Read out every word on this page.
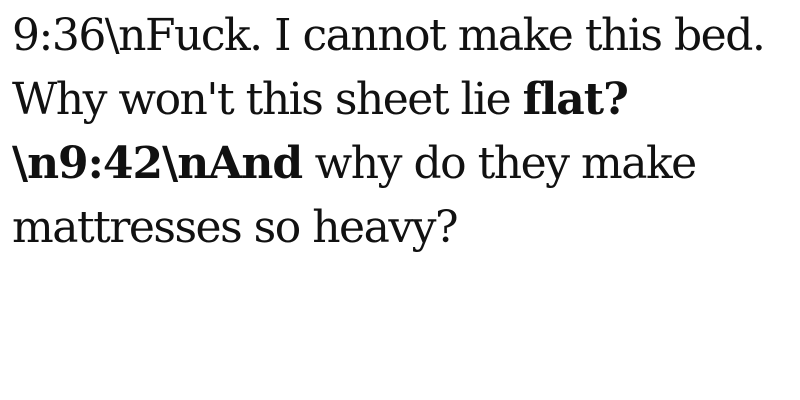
9:36\nFuck. I cannot make this bed. Why won't this sheet lie flat?\n9:42\nAnd why do they make mattresses so heavy?
